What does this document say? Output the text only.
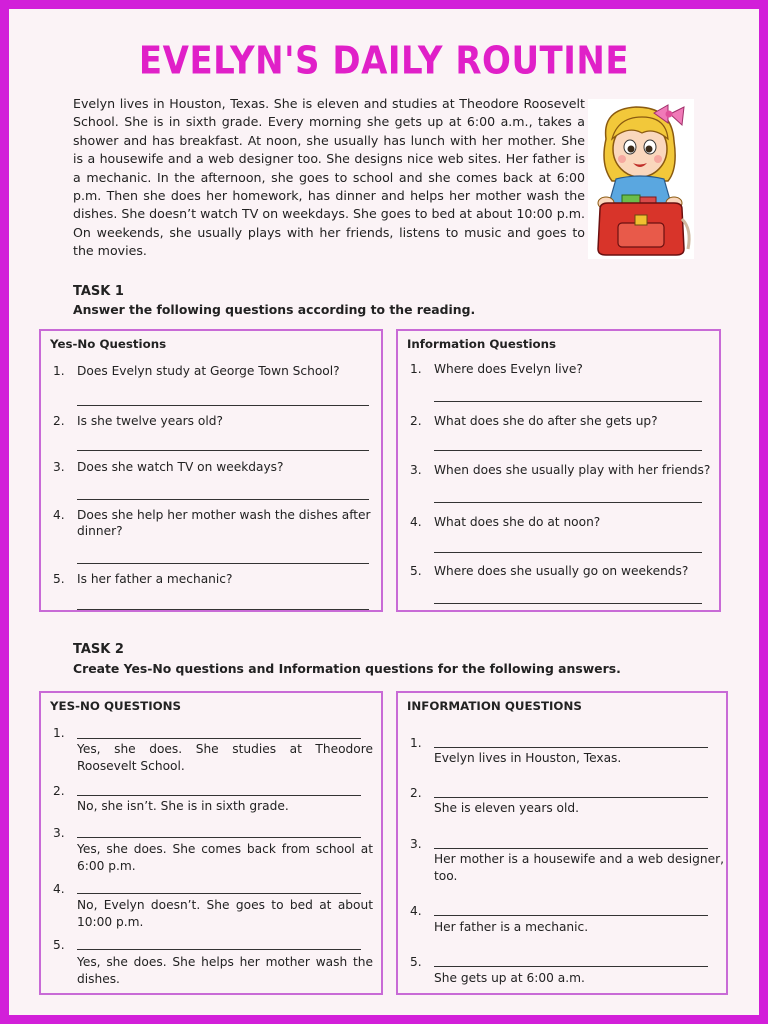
EVELYN'S DAILY ROUTINE
Evelyn lives in Houston, Texas. She is eleven and studies at Theodore Roosevelt School. She is in sixth grade. Every morning she gets up at 6:00 a.m., takes a shower and has breakfast. At noon, she usually has lunch with her mother. She is a housewife and a web designer too. She designs nice web sites. Her father is a mechanic. In the afternoon, she goes to school and she comes back at 6:00 p.m. Then she does her homework, has dinner and helps her mother wash the dishes. She doesn’t watch TV on weekdays. She goes to bed at about 10:00 p.m. On weekends, she usually plays with her friends, listens to music and goes to the movies.
TASK 1
Answer the following questions according to the reading.
Yes-No Questions
1.	Does Evelyn study at George Town School?
2.	Is she twelve years old?
3.	Does she watch TV on weekdays?
4.	Does she help her mother wash the dishes after dinner?
5.	Is her father a mechanic?
Information Questions
1.	Where does Evelyn live?
2.	What does she do after she gets up?
3.	When does she usually play with her friends?
4.	What does she do at noon?
5.	Where does she usually go on weekends?
TASK 2
Create Yes-No questions and Information questions for the following answers.
YES-NO QUESTIONS
1.
Yes, she does. She studies at Theodore Roosevelt School.
2.
No, she isn’t. She is in sixth grade.
3.
Yes, she does. She comes back from school at 6:00 p.m.
4.
No, Evelyn doesn’t. She goes to bed at about 10:00 p.m.
5.
Yes, she does. She helps her mother wash the dishes.
INFORMATION QUESTIONS
1.
Evelyn lives in Houston, Texas.
2.
She is eleven years old.
3.
Her mother is a housewife and a web designer, too.
4.
Her father is a mechanic.
5.
She gets up at 6:00 a.m.
